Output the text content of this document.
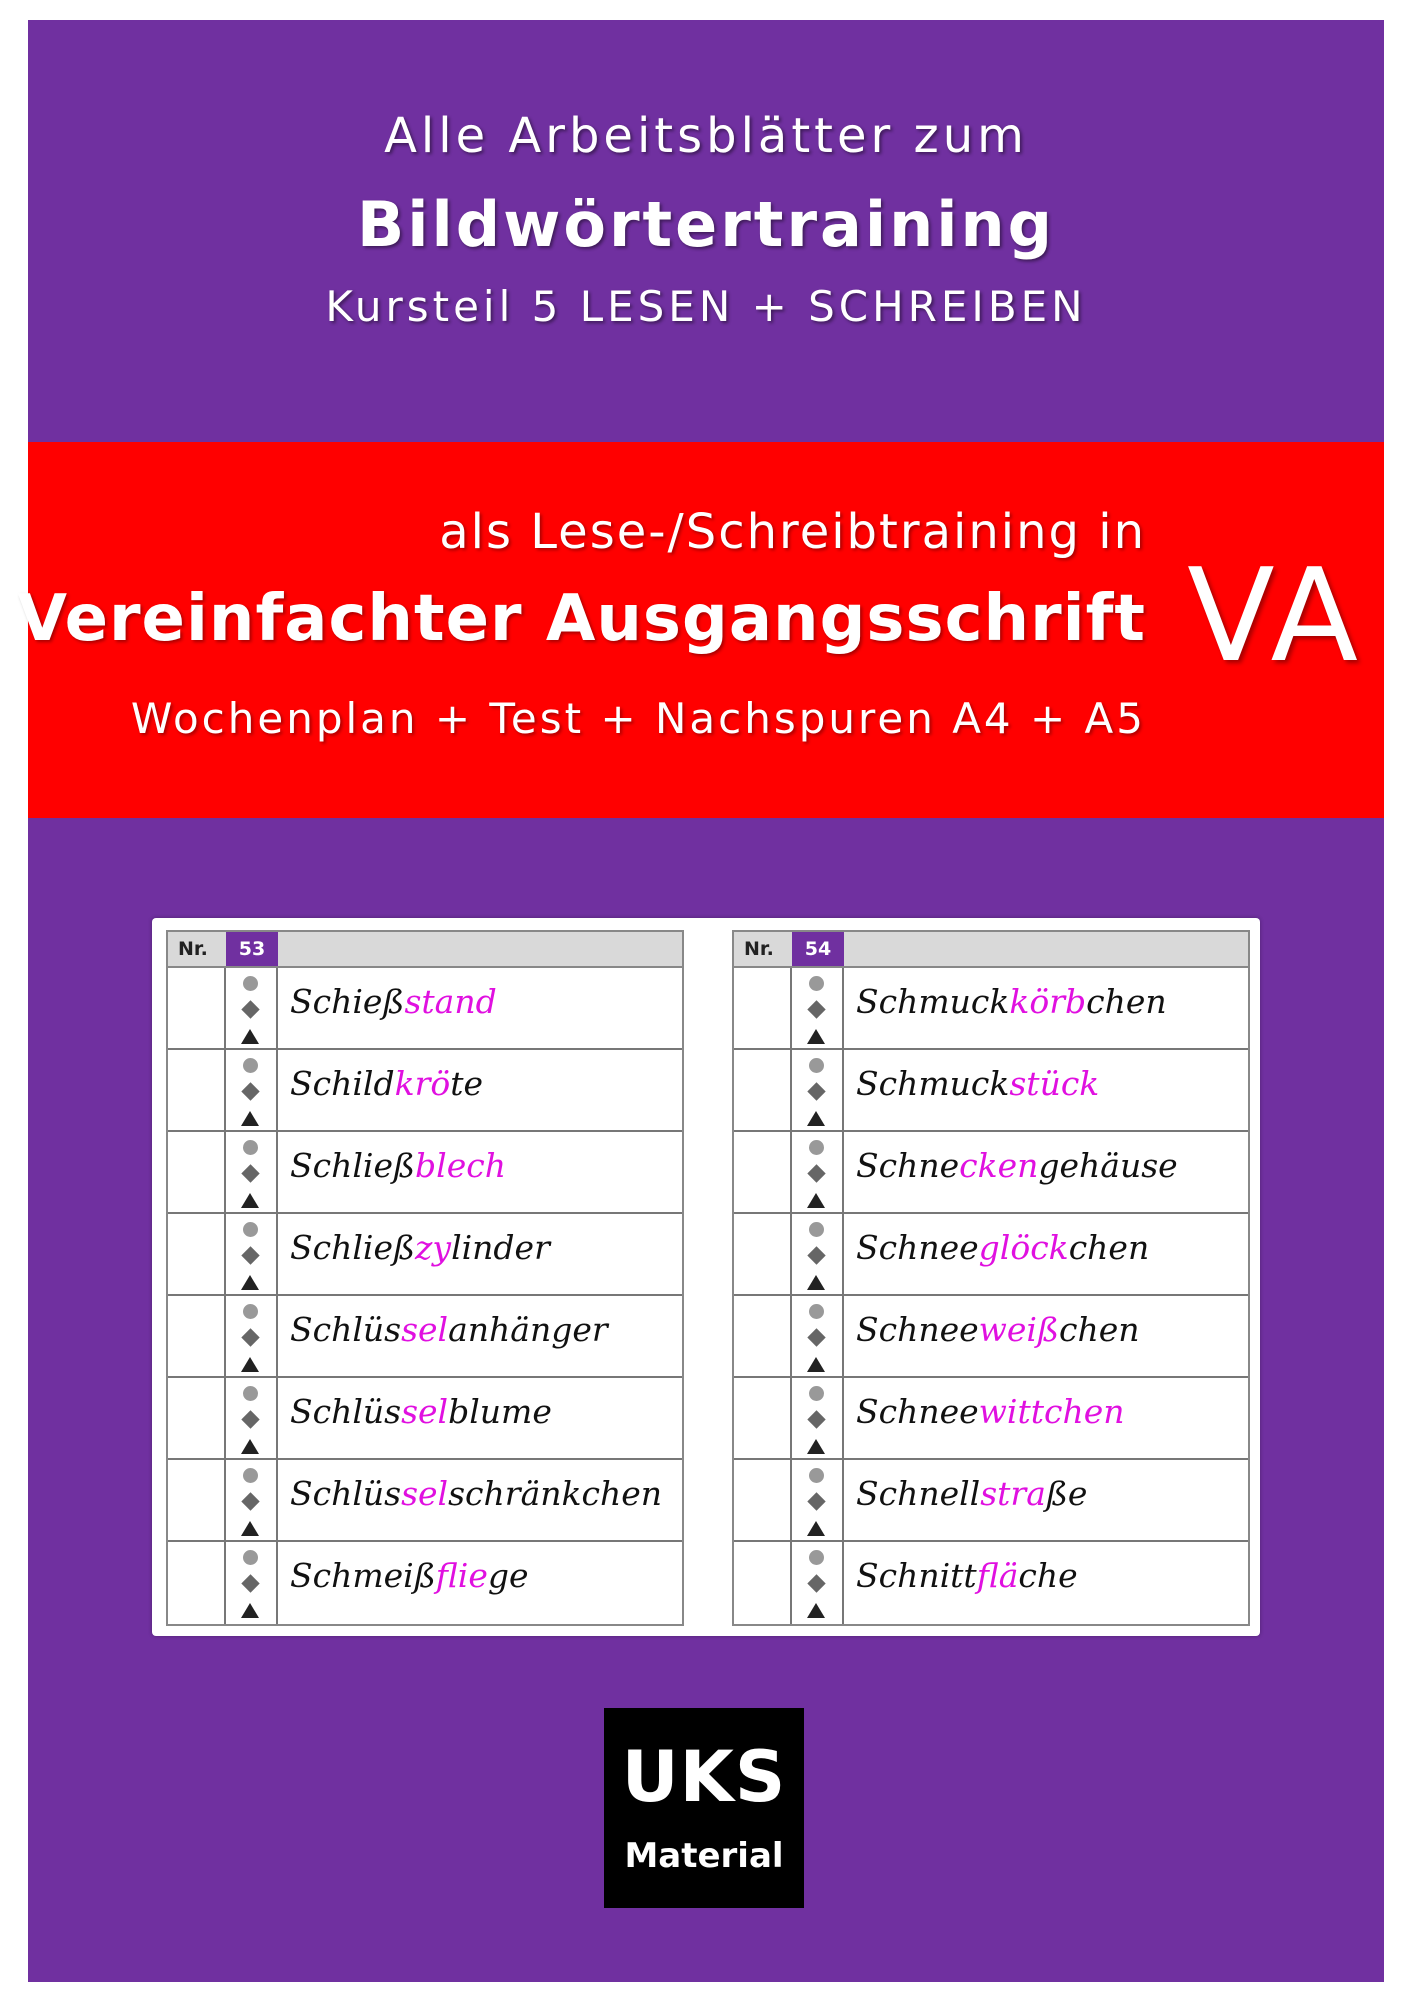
Alle Arbeitsblätter zum
Bildwörtertraining
Kursteil 5 LESEN + SCHREIBEN
als Lese-/Schreibtraining in
Vereinfachter Ausgangsschrift
Wochenplan + Test + Nachspuren A4 + A5
VA
Nr.	53
Schießstand
Schildkröte
Schließblech
Schließzylinder
Schlüsselanhänger
Schlüsselblume
Schlüsselschränkchen
Schmeißfliege
Nr.	54
Schmuckkörbchen
Schmuckstück
Schneckengehäuse
Schneeglöckchen
Schneeweißchen
Schneewittchen
Schnellstraße
Schnittfläche
UKS
Material
